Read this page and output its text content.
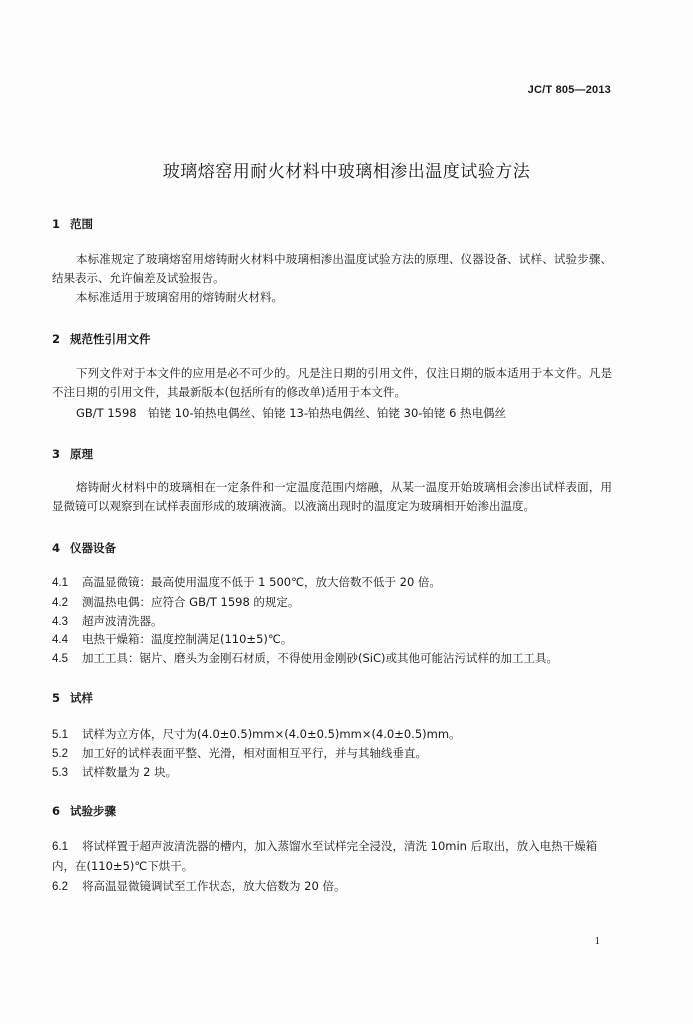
JC/T 805—2013
玻璃熔窑用耐火材料中玻璃相渗出温度试验方法
1 范围
本标准规定了玻璃熔窑用熔铸耐火材料中玻璃相渗出温度试验方法的原理、仪器设备、试样、试验步骤、结果表示、允许偏差及试验报告。
本标准适用于玻璃窑用的熔铸耐火材料。
2 规范性引用文件
下列文件对于本文件的应用是必不可少的。凡是注日期的引用文件，仅注日期的版本适用于本文件。凡是不注日期的引用文件，其最新版本(包括所有的修改单)适用于本文件。
GB/T 1598　铂铑 10-铂热电偶丝、铂铑 13-铂热电偶丝、铂铑 30-铂铑 6 热电偶丝
3 原理
熔铸耐火材料中的玻璃相在一定条件和一定温度范围内熔融，从某一温度开始玻璃相会渗出试样表面，用显微镜可以观察到在试样表面形成的玻璃液滴。以液滴出现时的温度定为玻璃相开始渗出温度。
4 仪器设备
4.1 高温显微镜：最高使用温度不低于 1 500℃，放大倍数不低于 20 倍。
4.2 测温热电偶：应符合 GB/T 1598 的规定。
4.3 超声波清洗器。
4.4 电热干燥箱：温度控制满足(110±5)℃。
4.5 加工工具：锯片、磨头为金刚石材质，不得使用金刚砂(SiC)或其他可能沾污试样的加工工具。
5 试样
5.1 试样为立方体，尺寸为(4.0±0.5)mm×(4.0±0.5)mm×(4.0±0.5)mm。
5.2 加工好的试样表面平整、光滑，相对面相互平行，并与其轴线垂直。
5.3 试样数量为 2 块。
6 试验步骤
6.1 将试样置于超声波清洗器的槽内，加入蒸馏水至试样完全浸没，清洗 10min 后取出，放入电热干燥箱内，在(110±5)℃下烘干。
6.2 将高温显微镜调试至工作状态，放大倍数为 20 倍。
1
